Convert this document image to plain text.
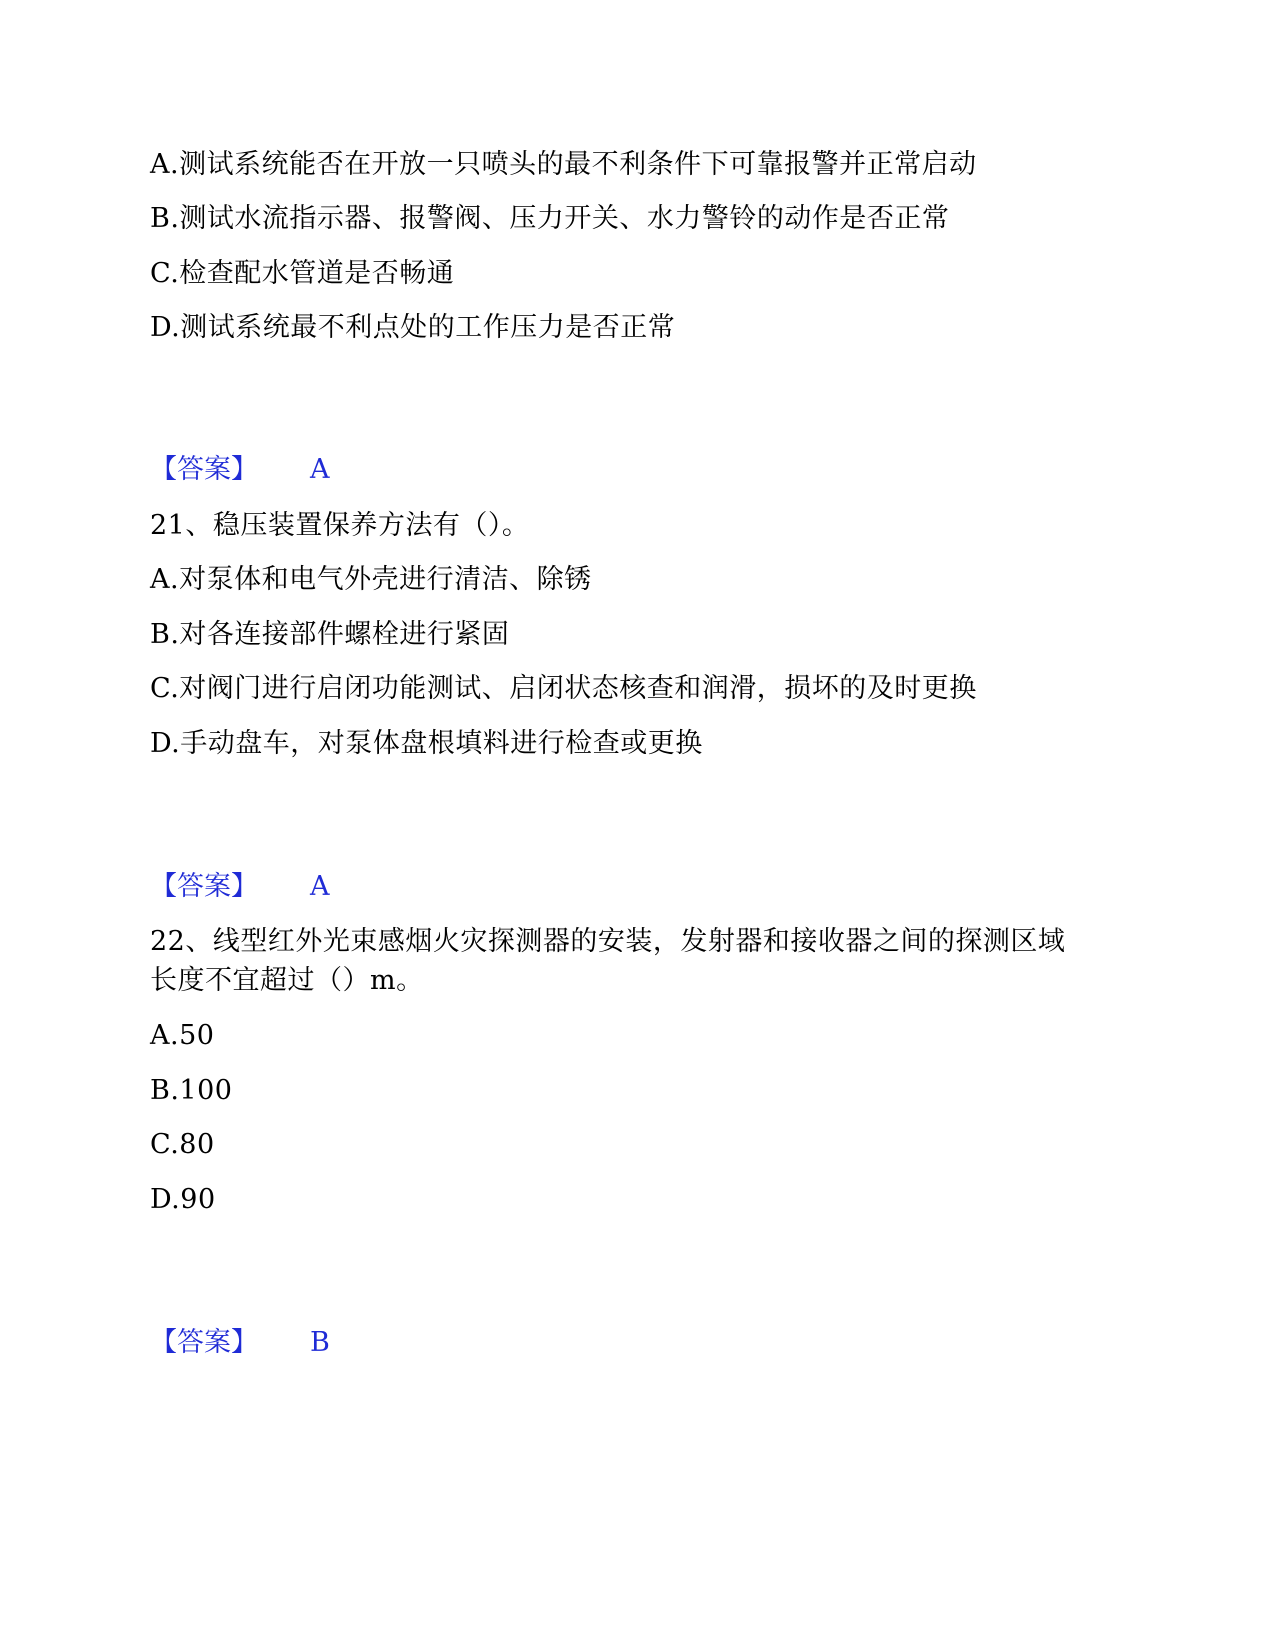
A.测试系统能否在开放一只喷头的最不利条件下可靠报警并正常启动
B.测试水流指示器、报警阀、压力开关、水力警铃的动作是否正常
C.检查配水管道是否畅通
D.测试系统最不利点处的工作压力是否正常
【答案】 A
21、稳压装置保养方法有（）。
A.对泵体和电气外壳进行清洁、除锈
B.对各连接部件螺栓进行紧固
C.对阀门进行启闭功能测试、启闭状态核查和润滑，损坏的及时更换
D.手动盘车，对泵体盘根填料进行检查或更换
【答案】 A
22、线型红外光束感烟火灾探测器的安装，发射器和接收器之间的探测区域
长度不宜超过（）m。
A.50
B.100
C.80
D.90
【答案】 B
